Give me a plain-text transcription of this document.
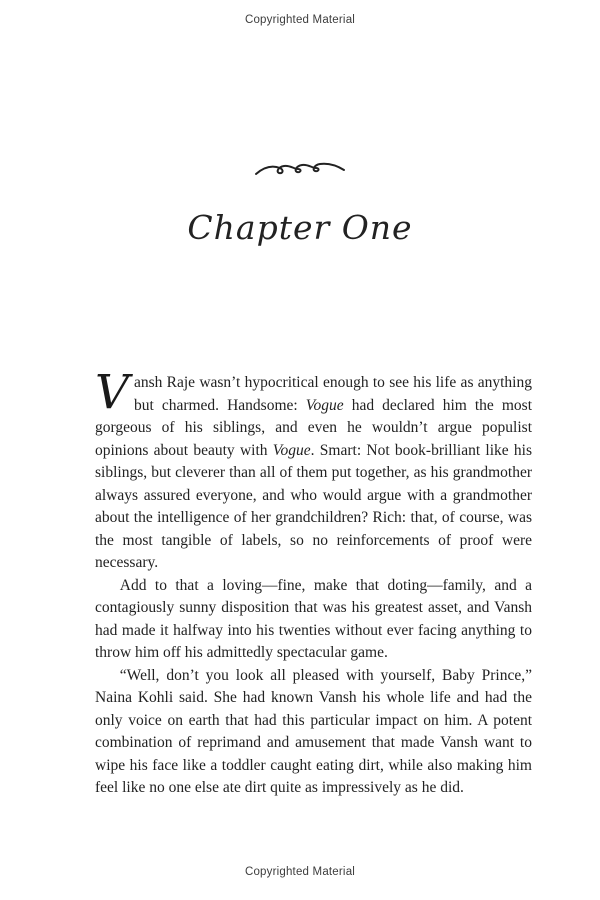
Copyrighted Material
Chapter One

Vansh Raje wasn’t hypocritical enough to see his life as anything but charmed. Handsome: Vogue had declared him the most gorgeous of his siblings, and even he wouldn’t argue populist opinions about beauty with Vogue. Smart: Not book-brilliant like his siblings, but cleverer than all of them put together, as his grandmother always assured everyone, and who would argue with a grandmother about the intelligence of her grandchildren? Rich: that, of course, was the most tangible of labels, so no reinforcements of proof were necessary.

Add to that a loving—fine, make that doting—family, and a contagiously sunny disposition that was his greatest asset, and Vansh had made it halfway into his twenties without ever facing anything to throw him off his admittedly spectacular game.

“Well, don’t you look all pleased with yourself, Baby Prince,” Naina Kohli said. She had known Vansh his whole life and had the only voice on earth that had this particular impact on him. A potent combination of reprimand and amusement that made Vansh want to wipe his face like a toddler caught eating dirt, while also making him feel like no one else ate dirt quite as impressively as he did.

Copyrighted Material
